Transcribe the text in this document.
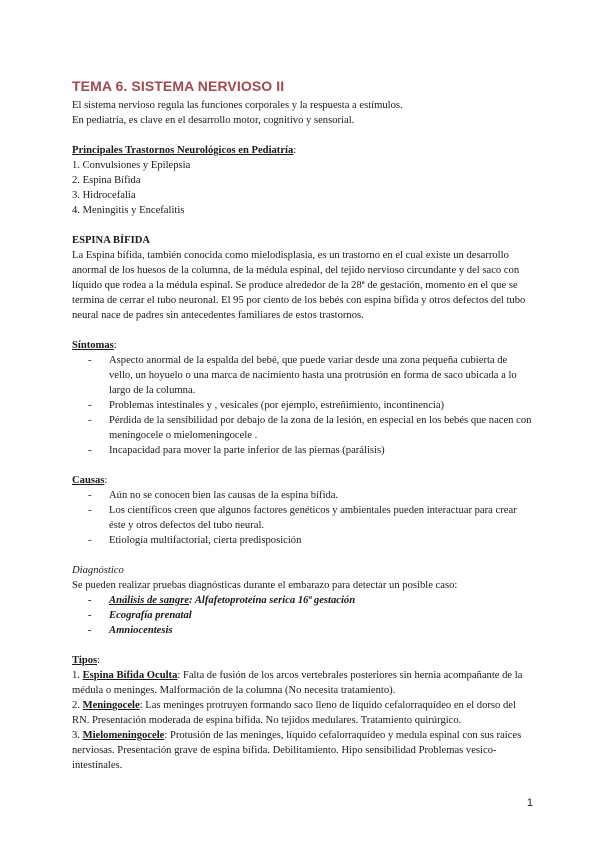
TEMA 6. SISTEMA NERVIOSO II

El sistema nervioso regula las funciones corporales y la respuesta a estímulos.

En pediatría, es clave en el desarrollo motor, cognitivo y sensorial.

Principales Trastornos Neurológicos en Pediatría:

1. Convulsiones y Epilepsia

2. Espina Bífida

3. Hidrocefalia

4. Meningitis y Encefalitis

ESPINA BÍFIDA

La Espina bífida, también conocida como mielodisplasia, es un trastorno en el cual existe un desarrollo anormal de los huesos de la columna, de la médula espinal, del tejido nervioso circundante y del saco con líquido que rodea a la médula espinal. Se produce alrededor de la 28ª de gestación, momento en el que se termina de cerrar el tubo neuronal. El 95 por ciento de los bebés con espina bífida y otros defectos del tubo neural nace de padres sin antecedentes familiares de estos trastornos.

Síntomas:

- Aspecto anormal de la espalda del bebé, que puede variar desde una zona pequeña cubierta de vello, un hoyuelo o una marca de nacimiento hasta una protrusión en forma de saco ubicada a lo largo de la columna.
- Problemas intestinales y , vesicales (por ejemplo, estreñimiento, incontinencia)
- Pérdida de la sensibilidad por debajo de la zona de la lesión, en especial en los bebés que nacen con meningocele o mielomeningocele .
- Incapacidad para mover la parte inferior de las piernas (parálisis)

Causas:

- Aún no se conocen bien las causas de la espina bífida.
- Los científicos creen que algunos factores genéticos y ambientales pueden interactuar para crear éste y otros defectos del tubo neural.
- Etiología multifactorial, cierta predisposición

Diagnóstico

Se pueden realizar pruebas diagnósticas durante el embarazo para detectar un posible caso:

- Análisis de sangre: Alfafetoproteína serica 16ª gestación
- Ecografía prenatal
- Amniocentesis

Tipos:

1. Espina Bífida Oculta: Falta de fusión de los arcos vertebrales posteriores sin hernia acompañante de la médula o meninges. Malformación de la columna (No necesita tratamiento).

2. Meningocele: Las meninges protruyen formando saco lleno de líquido cefalorraquídeo en el dorso del RN. Presentación moderada de espina bífida. No tejidos medulares. Tratamiento quirúrgico.

3. Mielomeningocele: Protusión de las meninges, líquido cefalorraquídeo y medula espinal con sus raíces nerviosas. Presentación grave de espina bífida. Debilitamiento. Hipo sensibilidad Problemas vesico-intestinales.

1
